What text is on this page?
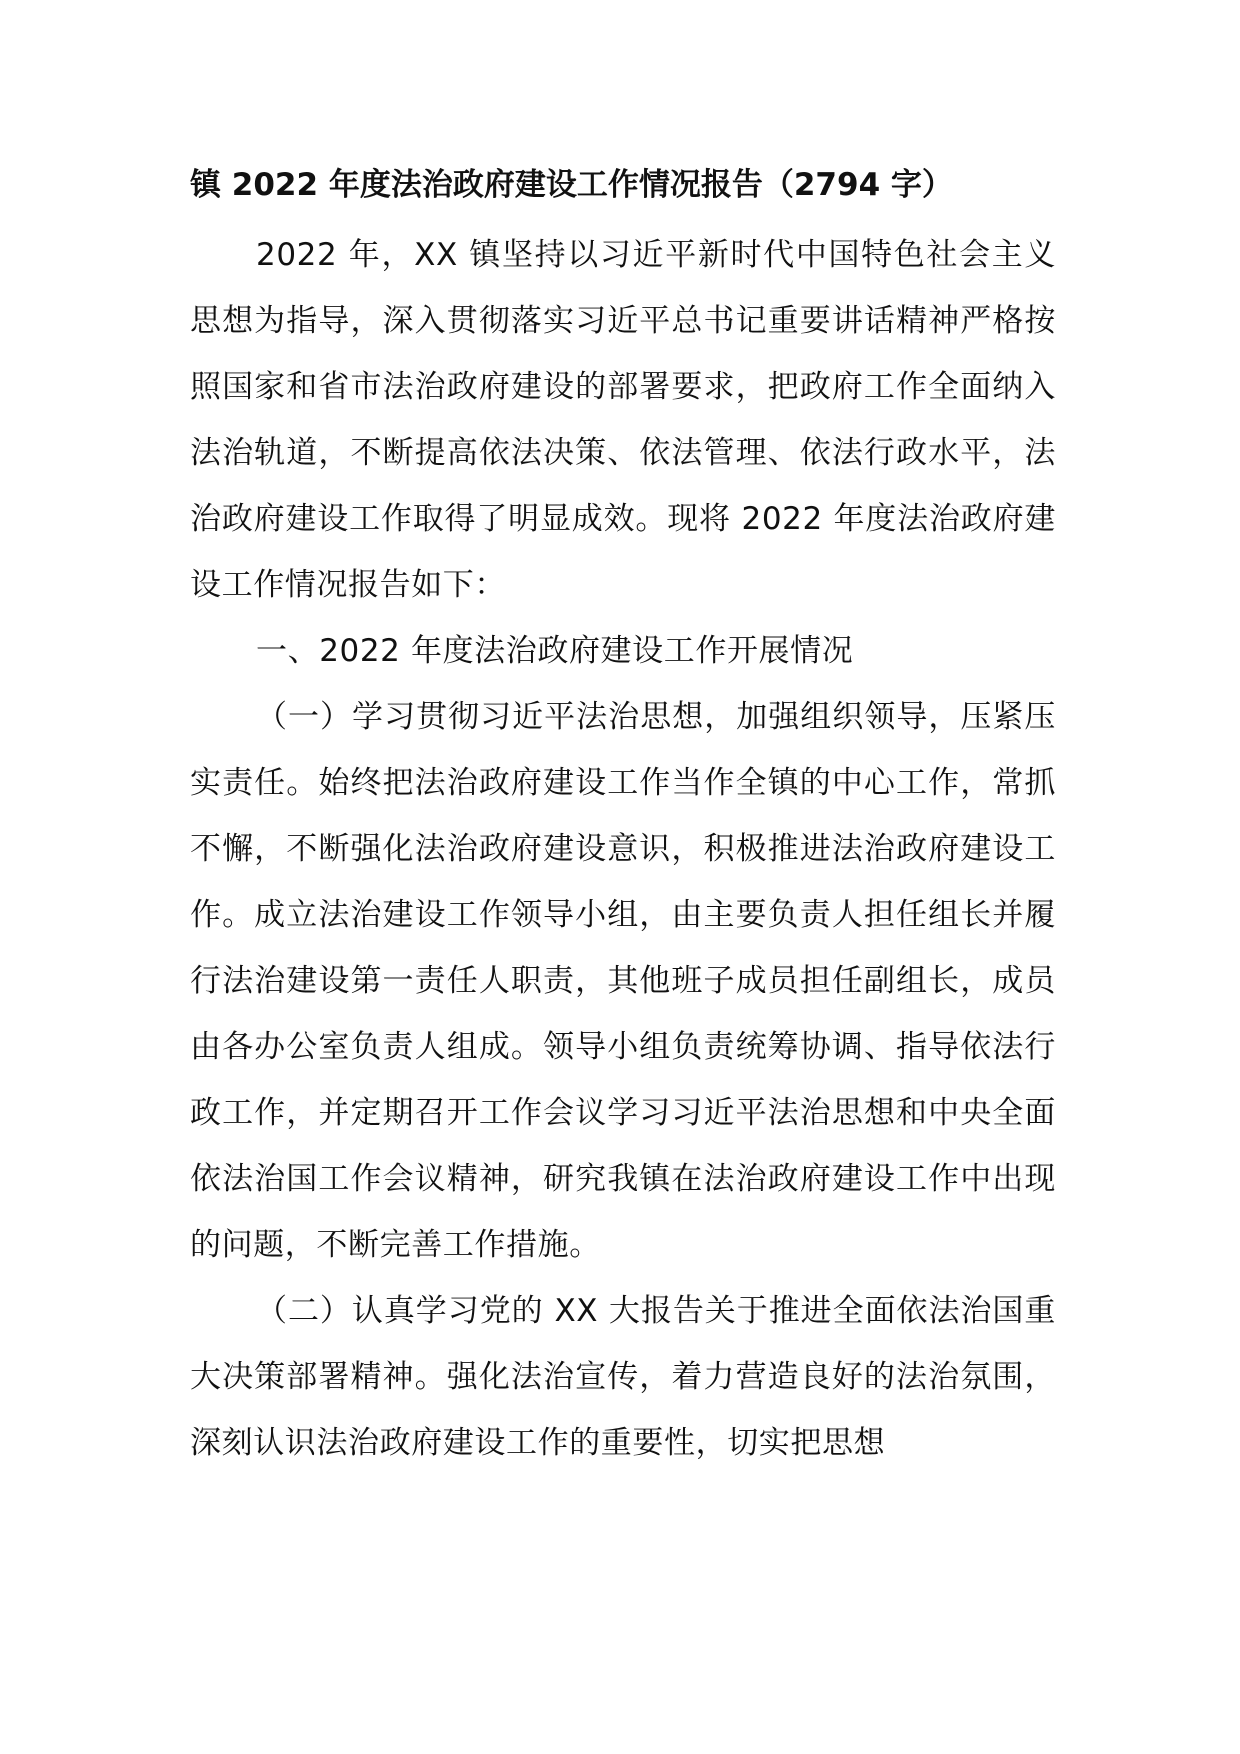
镇 2022 年度法治政府建设工作情况报告（2794 字）

2022 年，XX 镇坚持以习近平新时代中国特色社会主义思想为指导，深入贯彻落实习近平总书记重要讲话精神严格按照国家和省市法治政府建设的部署要求，把政府工作全面纳入法治轨道，不断提高依法决策、依法管理、依法行政水平，法治政府建设工作取得了明显成效。现将 2022 年度法治政府建设工作情况报告如下：

一、2022 年度法治政府建设工作开展情况

（一）学习贯彻习近平法治思想，加强组织领导，压紧压实责任。始终把法治政府建设工作当作全镇的中心工作，常抓不懈，不断强化法治政府建设意识，积极推进法治政府建设工作。成立法治建设工作领导小组，由主要负责人担任组长并履行法治建设第一责任人职责，其他班子成员担任副组长，成员由各办公室负责人组成。领导小组负责统筹协调、指导依法行政工作，并定期召开工作会议学习习近平法治思想和中央全面依法治国工作会议精神，研究我镇在法治政府建设工作中出现的问题，不断完善工作措施。

（二）认真学习党的 XX 大报告关于推进全面依法治国重大决策部署精神。强化法治宣传，着力营造良好的法治氛围，深刻认识法治政府建设工作的重要性，切实把思想
